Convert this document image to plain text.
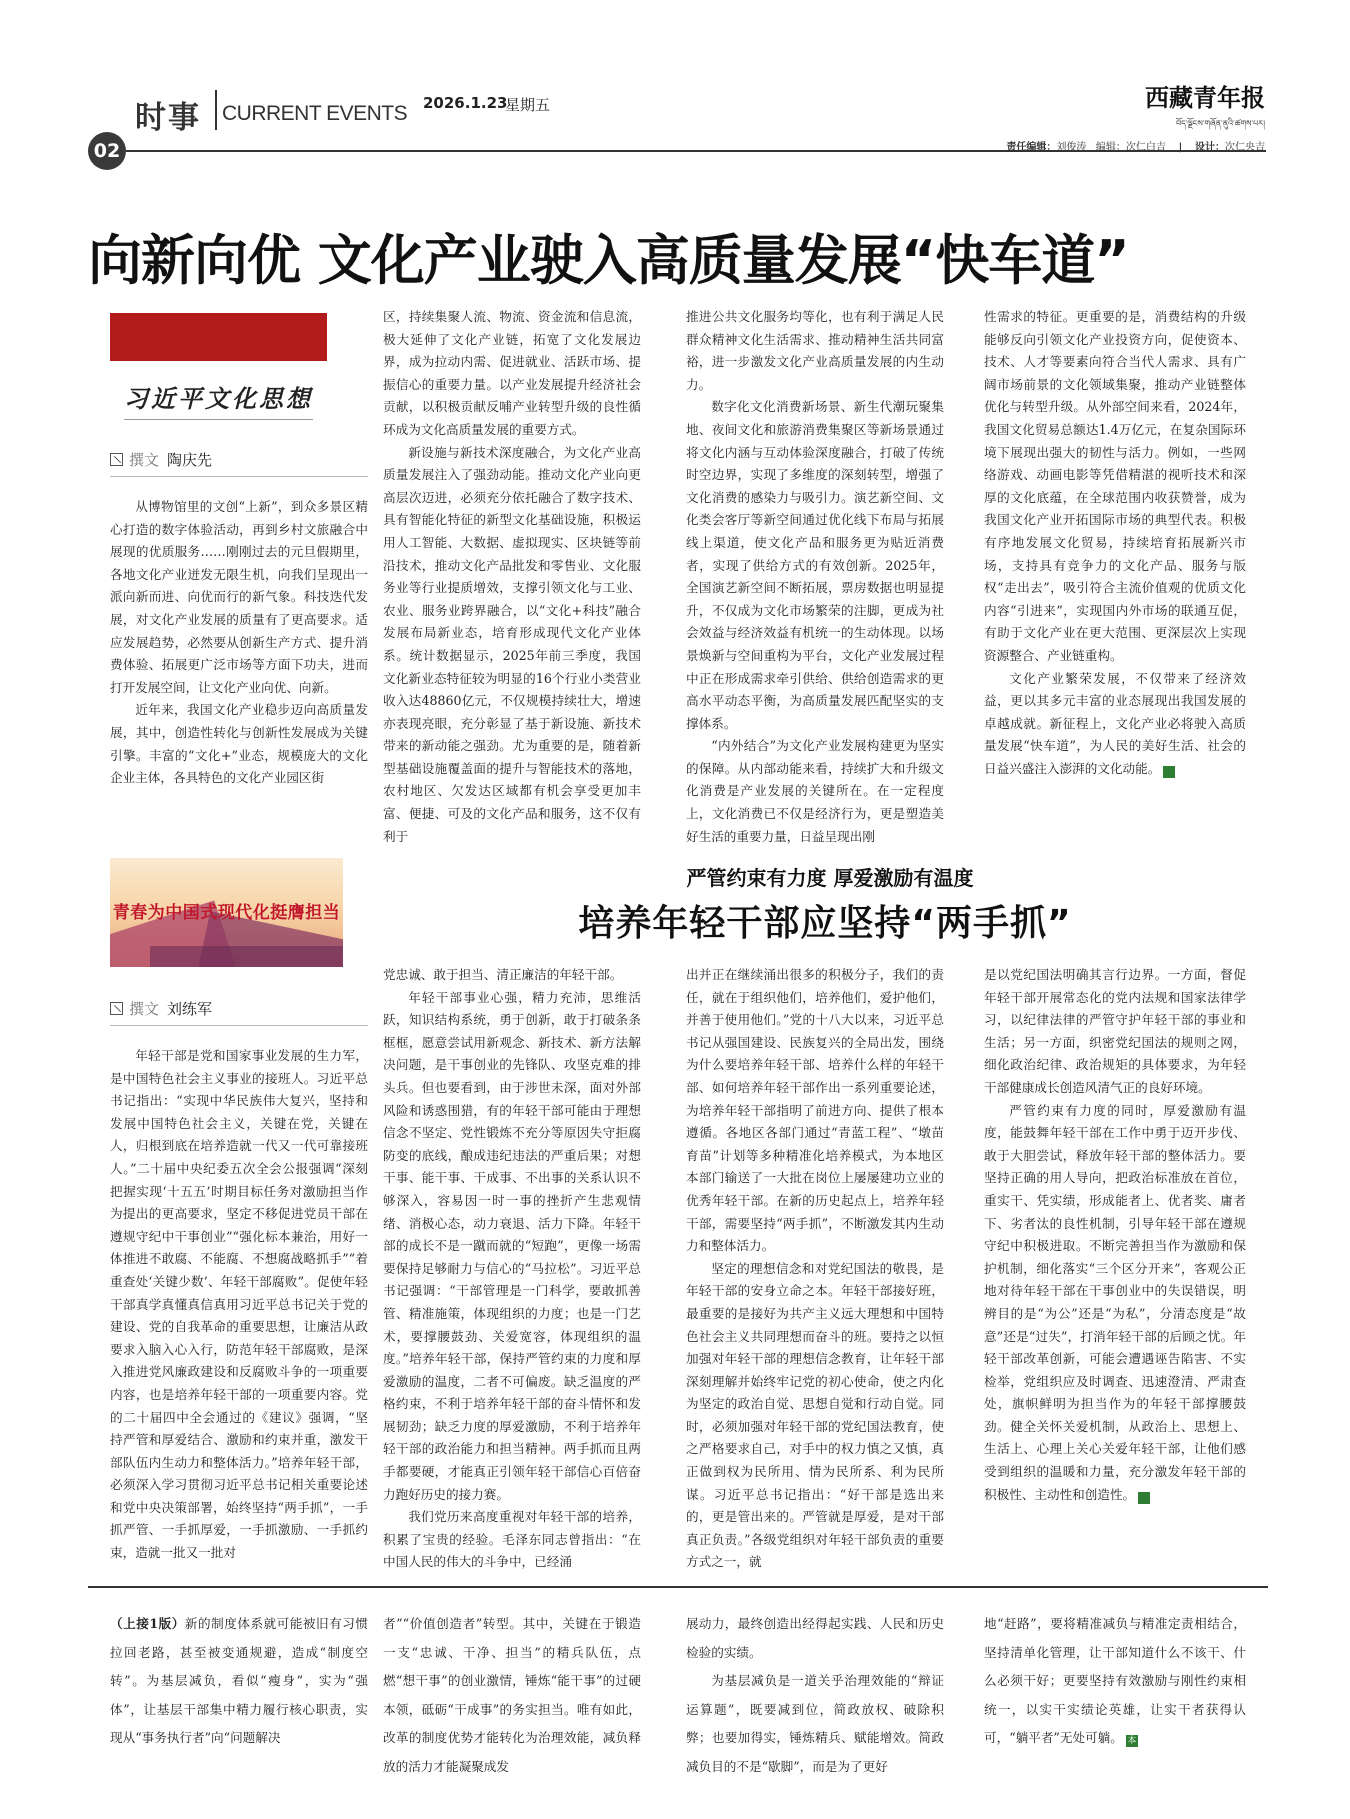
时事 CURRENT EVENTS 2026.1.23
星期五	西藏青年报
བོད་ལྗོངས་གཞོན་ནུའི་ཚགས་པར།
02	责任编辑：刘俊涛 编辑：次仁白吉 | 设计：次仁央吉
向新向优 文化产业驶入高质量发展“快车道”
习近平文化思想
撰文 陶庆先

从博物馆里的文创“上新”，到众多景区精心打造的数字体验活动，再到乡村文旅融合中展现的优质服务……刚刚过去的元旦假期里，各地文化产业迸发无限生机，向我们呈现出一派向新而进、向优而行的新气象。科技迭代发展，对文化产业发展的质量有了更高要求。适应发展趋势，必然要从创新生产方式、提升消费体验、拓展更广泛市场等方面下功夫，进而打开发展空间，让文化产业向优、向新。

近年来，我国文化产业稳步迈向高质量发展，其中，创造性转化与创新性发展成为关键引擎。丰富的“文化+”业态，规模庞大的文化企业主体，各具特色的文化产业园区街

区，持续集聚人流、物流、资金流和信息流，极大延伸了文化产业链，拓宽了文化发展边界，成为拉动内需、促进就业、活跃市场、提振信心的重要力量。以产业发展提升经济社会贡献，以积极贡献反哺产业转型升级的良性循环成为文化高质量发展的重要方式。

新设施与新技术深度融合，为文化产业高质量发展注入了强劲动能。推动文化产业向更高层次迈进，必须充分依托融合了数字技术、具有智能化特征的新型文化基础设施，积极运用人工智能、大数据、虚拟现实、区块链等前沿技术，推动文化产品批发和零售业、文化服务业等行业提质增效，支撑引领文化与工业、农业、服务业跨界融合，以“文化+科技”融合发展布局新业态，培育形成现代文化产业体系。统计数据显示，2025年前三季度，我国文化新业态特征较为明显的16个行业小类营业收入达48860亿元，不仅规模持续壮大，增速亦表现亮眼，充分彰显了基于新设施、新技术带来的新动能之强劲。尤为重要的是，随着新型基础设施覆盖面的提升与智能技术的落地，农村地区、欠发达区域都有机会享受更加丰富、便捷、可及的文化产品和服务，这不仅有利于

推进公共文化服务均等化，也有利于满足人民群众精神文化生活需求、推动精神生活共同富裕，进一步激发文化产业高质量发展的内生动力。

数字化文化消费新场景、新生代潮玩聚集地、夜间文化和旅游消费集聚区等新场景通过将文化内涵与互动体验深度融合，打破了传统时空边界，实现了多维度的深刻转型，增强了文化消费的感染力与吸引力。演艺新空间、文化类会客厅等新空间通过优化线下布局与拓展线上渠道，使文化产品和服务更为贴近消费者，实现了供给方式的有效创新。2025年，全国演艺新空间不断拓展，票房数据也明显提升，不仅成为文化市场繁荣的注脚，更成为社会效益与经济效益有机统一的生动体现。以场景焕新与空间重构为平台，文化产业发展过程中正在形成需求牵引供给、供给创造需求的更高水平动态平衡，为高质量发展匹配坚实的支撑体系。

“内外结合”为文化产业发展构建更为坚实的保障。从内部动能来看，持续扩大和升级文化消费是产业发展的关键所在。在一定程度上，文化消费已不仅是经济行为，更是塑造美好生活的重要力量，日益呈现出刚

性需求的特征。更重要的是，消费结构的升级能够反向引领文化产业投资方向，促使资本、技术、人才等要素向符合当代人需求、具有广阔市场前景的文化领域集聚，推动产业链整体优化与转型升级。从外部空间来看，2024年，我国文化贸易总额达1.4万亿元，在复杂国际环境下展现出强大的韧性与活力。例如，一些网络游戏、动画电影等凭借精湛的视听技术和深厚的文化底蕴，在全球范围内收获赞誉，成为我国文化产业开拓国际市场的典型代表。积极有序地发展文化贸易，持续培育拓展新兴市场，支持具有竞争力的文化产品、服务与版权“走出去”，吸引符合主流价值观的优质文化内容“引进来”，实现国内外市场的联通互促，有助于文化产业在更大范围、更深层次上实现资源整合、产业链重构。

文化产业繁荣发展，不仅带来了经济效益，更以其多元丰富的业态展现出我国发展的卓越成就。新征程上，文化产业必将驶入高质量发展“快车道”，为人民的美好生活、社会的日益兴盛注入澎湃的文化动能。	本

青春为中国式现代化挺膺担当
严管约束有力度 厚爱激励有温度
培养年轻干部应坚持“两手抓”
撰文 刘练军

年轻干部是党和国家事业发展的生力军，是中国特色社会主义事业的接班人。习近平总书记指出：“实现中华民族伟大复兴，坚持和发展中国特色社会主义，关键在党，关键在人，归根到底在培养造就一代又一代可靠接班人。”二十届中央纪委五次全会公报强调“深刻把握实现‘十五五’时期目标任务对激励担当作为提出的更高要求，坚定不移促进党员干部在遵规守纪中干事创业”“强化标本兼治，用好一体推进不敢腐、不能腐、不想腐战略抓手”“着重查处‘关键少数’、年轻干部腐败”。促使年轻干部真学真懂真信真用习近平总书记关于党的建设、党的自我革命的重要思想，让廉洁从政要求入脑入心入行，防范年轻干部腐败，是深入推进党风廉政建设和反腐败斗争的一项重要内容，也是培养年轻干部的一项重要内容。党的二十届四中全会通过的《建议》强调，“坚持严管和厚爱结合、激励和约束并重，激发干部队伍内生动力和整体活力。”培养年轻干部，必须深入学习贯彻习近平总书记相关重要论述和党中央决策部署，始终坚持“两手抓”，一手抓严管、一手抓厚爱，一手抓激励、一手抓约束，造就一批又一批对

党忠诚、敢于担当、清正廉洁的年轻干部。

年轻干部事业心强，精力充沛，思维活跃，知识结构系统，勇于创新，敢于打破条条框框，愿意尝试用新观念、新技术、新方法解决问题，是干事创业的先锋队、攻坚克难的排头兵。但也要看到，由于涉世未深，面对外部风险和诱惑围猎，有的年轻干部可能由于理想信念不坚定、党性锻炼不充分等原因失守拒腐防变的底线，酿成违纪违法的严重后果；对想干事、能干事、干成事、不出事的关系认识不够深入，容易因一时一事的挫折产生悲观情绪、消极心态，动力衰退、活力下降。年轻干部的成长不是一蹴而就的“短跑”，更像一场需要保持足够耐力与信心的“马拉松”。习近平总书记强调：“干部管理是一门科学，要敢抓善管、精准施策，体现组织的力度；也是一门艺术，要撑腰鼓劲、关爱宽容，体现组织的温度。”培养年轻干部，保持严管约束的力度和厚爱激励的温度，二者不可偏废。缺乏温度的严格约束，不利于培养年轻干部的奋斗情怀和发展韧劲；缺乏力度的厚爱激励，不利于培养年轻干部的政治能力和担当精神。两手抓而且两手都要硬，才能真正引领年轻干部信心百倍奋力跑好历史的接力赛。

我们党历来高度重视对年轻干部的培养，积累了宝贵的经验。毛泽东同志曾指出：“在中国人民的伟大的斗争中，已经涌

出并正在继续涌出很多的积极分子，我们的责任，就在于组织他们，培养他们，爱护他们，并善于使用他们。”党的十八大以来，习近平总书记从强国建设、民族复兴的全局出发，围绕为什么要培养年轻干部、培养什么样的年轻干部、如何培养年轻干部作出一系列重要论述，为培养年轻干部指明了前进方向、提供了根本遵循。各地区各部门通过“青蓝工程”、“墩苗育苗”计划等多种精准化培养模式，为本地区本部门输送了一大批在岗位上屡屡建功立业的优秀年轻干部。在新的历史起点上，培养年轻干部，需要坚持“两手抓”，不断激发其内生动力和整体活力。

坚定的理想信念和对党纪国法的敬畏，是年轻干部的安身立命之本。年轻干部接好班，最重要的是接好为共产主义远大理想和中国特色社会主义共同理想而奋斗的班。要持之以恒加强对年轻干部的理想信念教育，让年轻干部深刻理解并始终牢记党的初心使命，使之内化为坚定的政治自觉、思想自觉和行动自觉。同时，必须加强对年轻干部的党纪国法教育，使之严格要求自己，对手中的权力慎之又慎，真正做到权为民所用、情为民所系、利为民所谋。习近平总书记指出：“好干部是选出来的，更是管出来的。严管就是厚爱，是对干部真正负责。”各级党组织对年轻干部负责的重要方式之一，就

是以党纪国法明确其言行边界。一方面，督促年轻干部开展常态化的党内法规和国家法律学习，以纪律法律的严管守护年轻干部的事业和生活；另一方面，织密党纪国法的规则之网，细化政治纪律、政治规矩的具体要求，为年轻干部健康成长创造风清气正的良好环境。

严管约束有力度的同时，厚爱激励有温度，能鼓舞年轻干部在工作中勇于迈开步伐、敢于大胆尝试，释放年轻干部的整体活力。要坚持正确的用人导向，把政治标准放在首位，重实干、凭实绩，形成能者上、优者奖、庸者下、劣者汰的良性机制，引导年轻干部在遵规守纪中积极进取。不断完善担当作为激励和保护机制，细化落实“三个区分开来”，客观公正地对待年轻干部在干事创业中的失误错误，明辨目的是“为公”还是“为私”，分清态度是“故意”还是“过失”，打消年轻干部的后顾之忧。年轻干部改革创新，可能会遭遇诬告陷害、不实检举，党组织应及时调查、迅速澄清、严肃查处，旗帜鲜明为担当作为的年轻干部撑腰鼓劲。健全关怀关爱机制，从政治上、思想上、生活上、心理上关心关爱年轻干部，让他们感受到组织的温暖和力量，充分激发年轻干部的积极性、主动性和创造性。	本

（上接1版）新的制度体系就可能被旧有习惯拉回老路，甚至被变通规避，造成“制度空转”。为基层减负，看似“瘦身”，实为“强体”，让基层干部集中精力履行核心职责，实现从“事务执行者”向“问题解决

者”“价值创造者”转型。其中，关键在于锻造一支“忠诚、干净、担当”的精兵队伍，点燃“想干事”的创业激情，锤炼“能干事”的过硬本领，砥砺“干成事”的务实担当。唯有如此，改革的制度优势才能转化为治理效能，减负释放的活力才能凝聚成发

展动力，最终创造出经得起实践、人民和历史检验的实绩。

为基层减负是一道关乎治理效能的“辩证运算题”，既要减到位，简政放权、破除积弊；也要加得实，锤炼精兵、赋能增效。简政减负目的不是“歇脚”，而是为了更好

地“赶路”，要将精准减负与精准定责相结合，坚持清单化管理，让干部知道什么不该干、什么必须干好；更要坚持有效激励与刚性约束相统一，以实干实绩论英雄，让实干者获得认可，“躺平者”无处可躺。 本
